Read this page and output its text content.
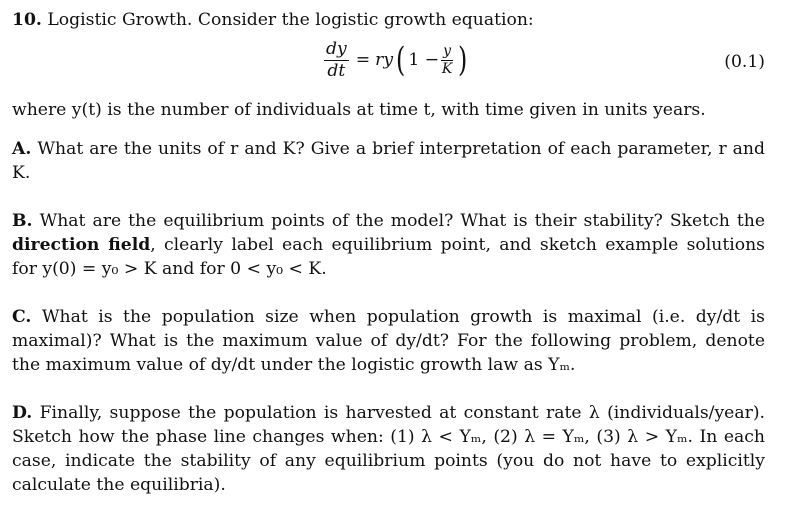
10. Logistic Growth. Consider the logistic growth equation:

$\frac{dy}{dt}$ = ry ( $1 - \frac{y}{K}$ )	(0.1)

where y(t) is the number of individuals at time t, with time given in units years.

A. What are the units of r and K? Give a brief interpretation of each parameter, r and K.

B. What are the equilibrium points of the model? What is their stability? Sketch the direction field, clearly label each equilibrium point, and sketch example solutions for y(0) = y₀ > K and for 0 < y₀ < K.

C. What is the population size when population growth is maximal (i.e. dy/dt is maximal)? What is the maximum value of dy/dt? For the following problem, denote the maximum value of dy/dt under the logistic growth law as Yₘ.

D. Finally, suppose the population is harvested at constant rate λ (individuals/year). Sketch how the phase line changes when: (1) λ < Yₘ, (2) λ = Yₘ, (3) λ > Yₘ. In each case, indicate the stability of any equilibrium points (you do not have to explicitly calculate the equilibria).
